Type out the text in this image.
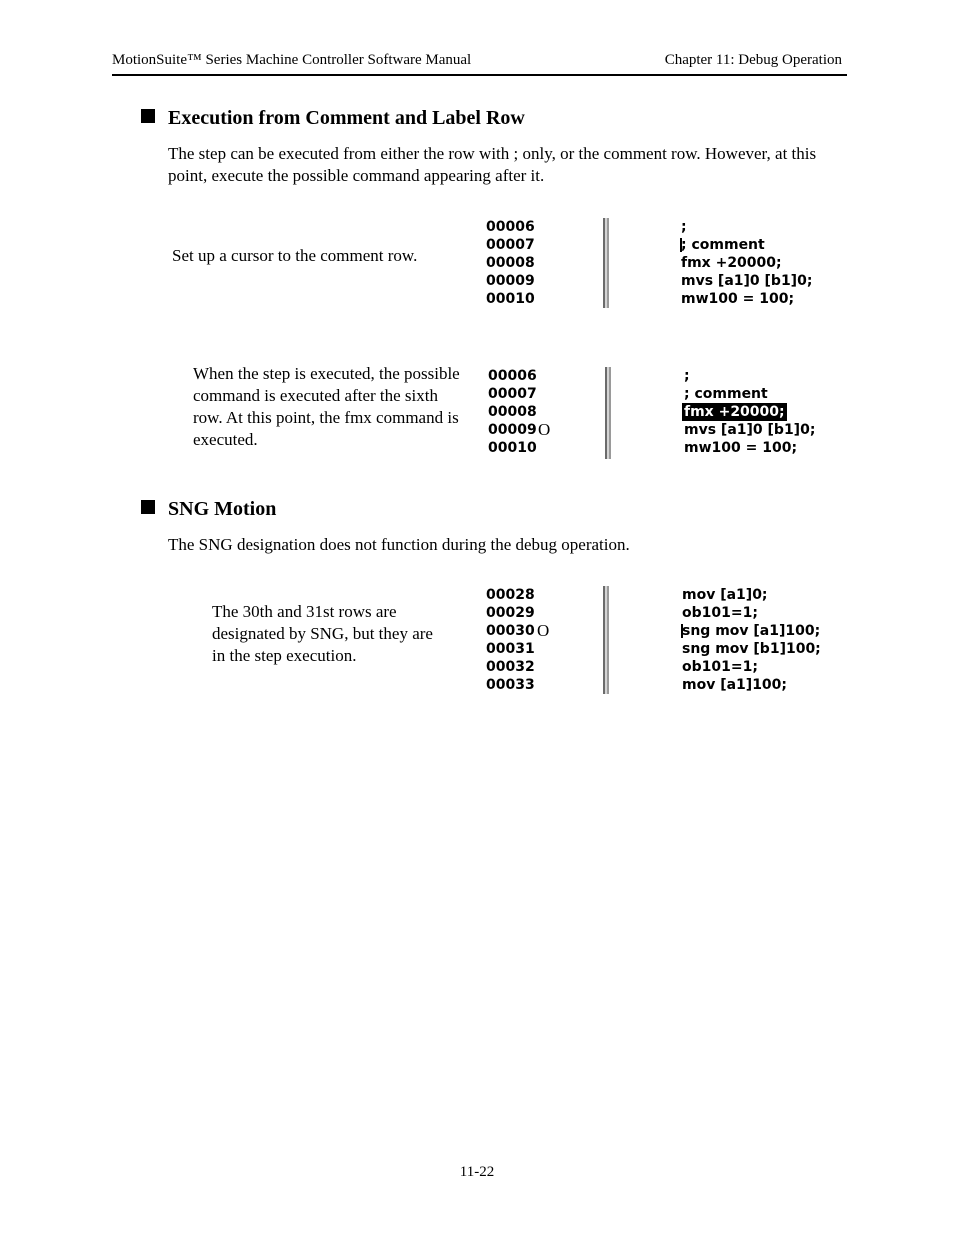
MotionSuite™ Series Machine Controller Software Manual	Chapter 11: Debug Operation
Execution from Comment and Label Row
The step can be executed from either the row with ; only, or the comment row. However, at this point, execute the possible command appearing after it.
Set up a cursor to the comment row.
00006	;
00007	; comment
00008	fmx +20000;
00009	mvs [a1]0 [b1]0;
00010	mw100 = 100;
When the step is executed, the possible command is executed after the sixth row. At this point, the fmx command is executed.
00006	;
00007	; comment
00008	fmx +20000;
00009 O	mvs [a1]0 [b1]0;
00010	mw100 = 100;
SNG Motion
The SNG designation does not function during the debug operation.
The 30th and 31st rows are designated by SNG, but they are in the step execution.
00028	mov [a1]0;
00029	ob101=1;
00030 O	sng mov [a1]100;
00031	sng mov [b1]100;
00032	ob101=1;
00033	mov [a1]100;
11-22
